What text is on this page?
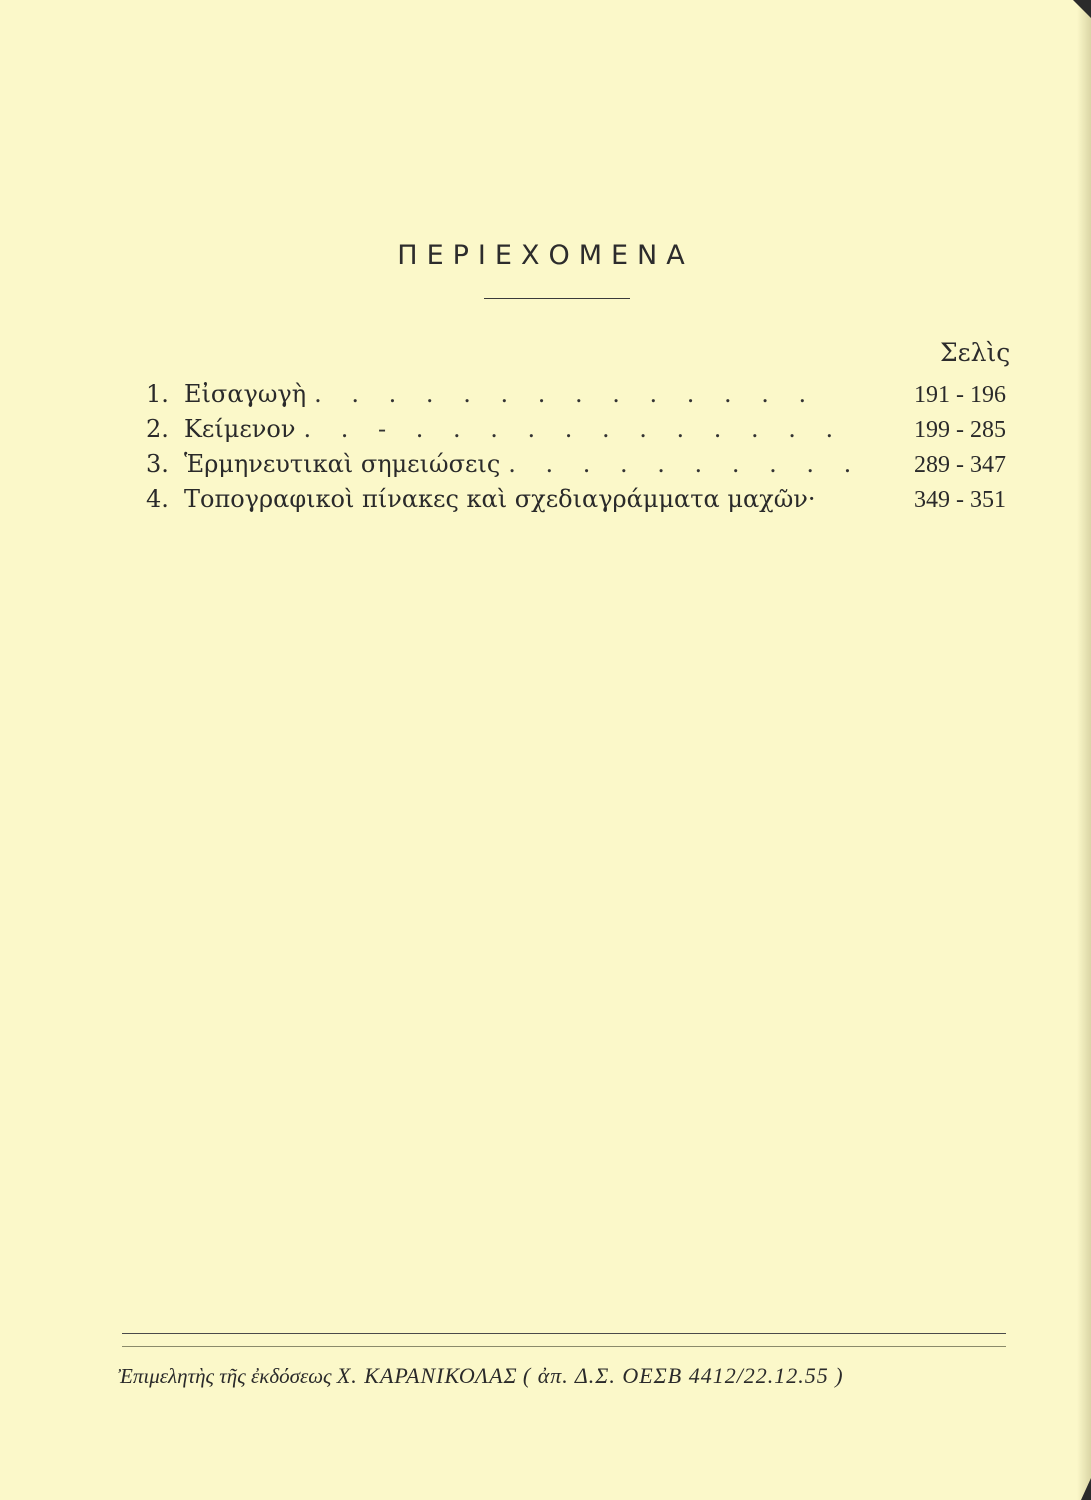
ΠΕΡΙΕΧΟΜΕΝΑ
Σελὶς
1. Εἰσαγωγὴ . . . . . . . . . . . . . .	191 - 196
2. Κείμενον . . - . . . . . . . . . . . .	199 - 285
3. Ἑρμηνευτικαὶ σημειώσεις . . . . . . . . . .	289 - 347
4. Τοπογραφικοὶ πίνακες καὶ σχεδιαγράμματα μαχῶν·	349 - 351
Ἐπιμελητὴς τῆς ἐκδόσεως Χ. ΚΑΡΑΝΙΚΟΛΑΣ ( ἀπ. Δ.Σ. ΟΕΣΒ 4412/22.12.55 )
